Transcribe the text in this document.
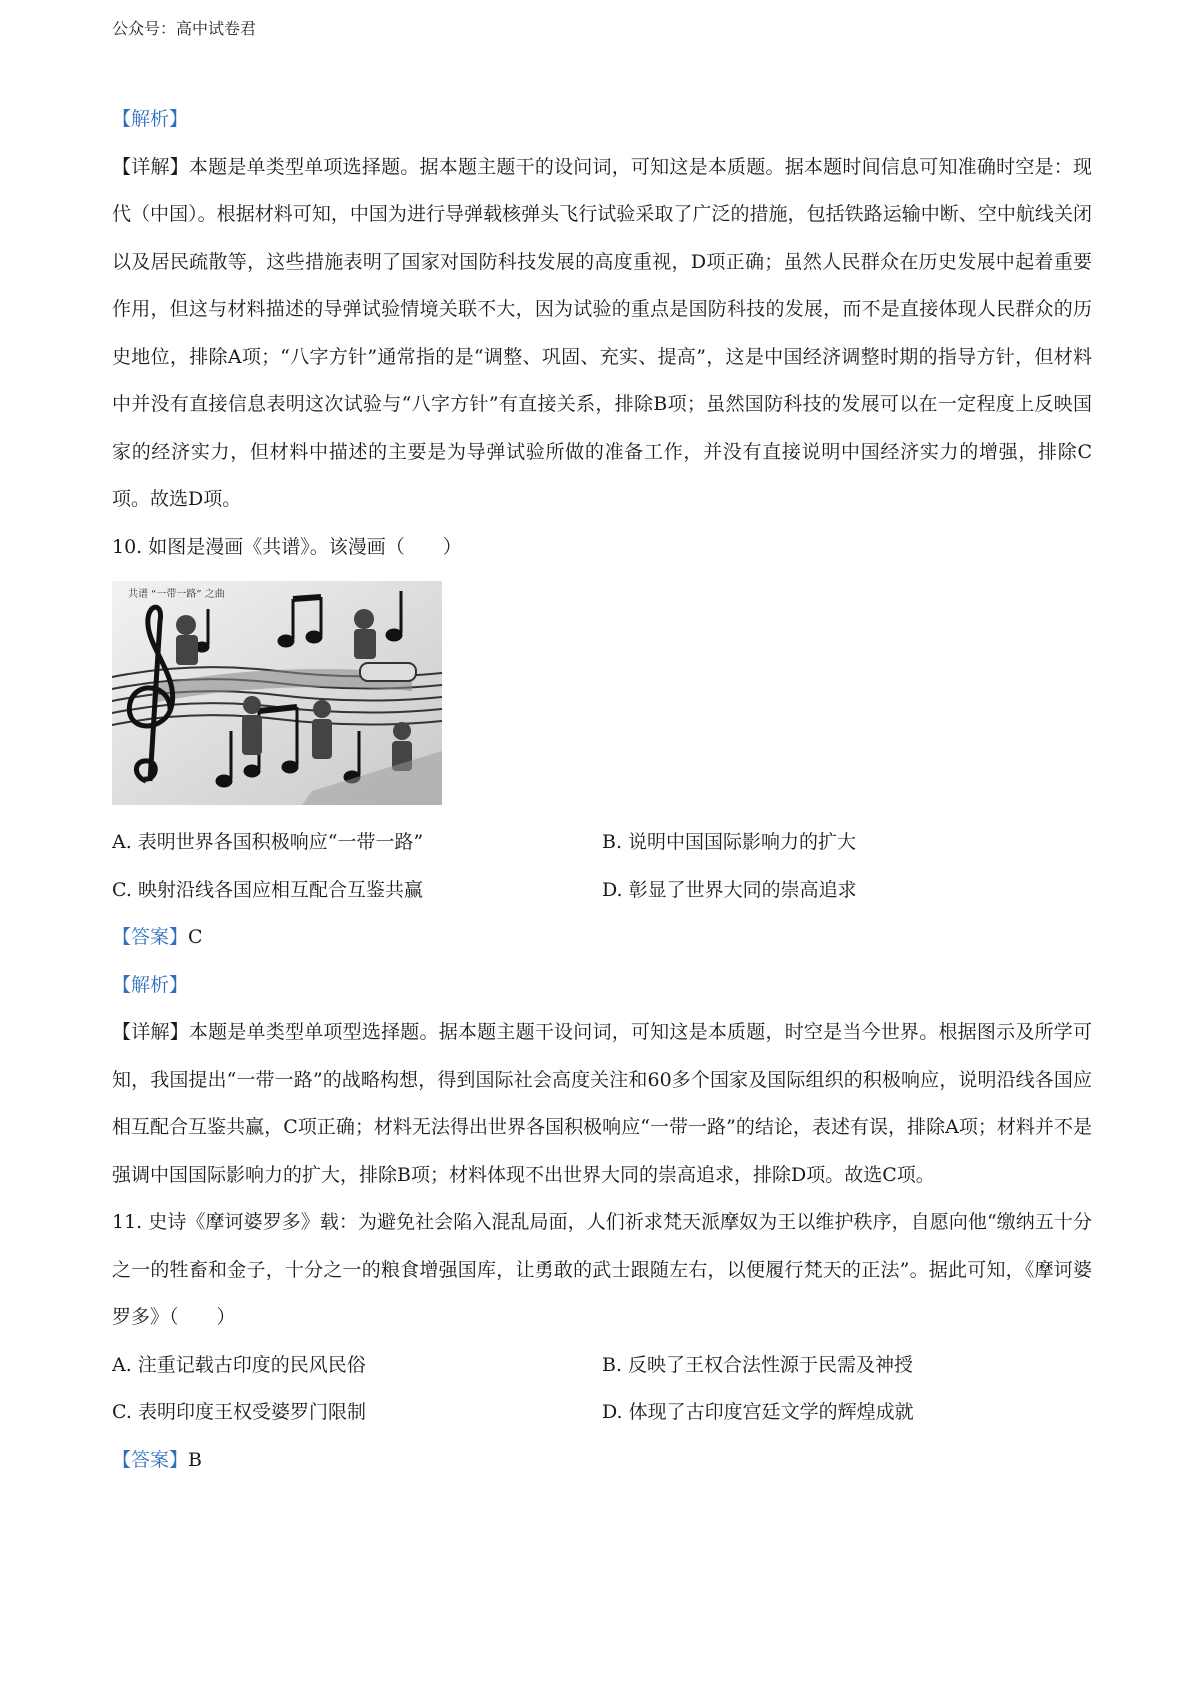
公众号：高中试卷君

【解析】

【详解】本题是单类型单项选择题。据本题主题干的设问词，可知这是本质题。据本题时间信息可知准确时空是：现代（中国）。根据材料可知，中国为进行导弹载核弹头飞行试验采取了广泛的措施，包括铁路运输中断、空中航线关闭以及居民疏散等，这些措施表明了国家对国防科技发展的高度重视，D项正确；虽然人民群众在历史发展中起着重要作用，但这与材料描述的导弹试验情境关联不大，因为试验的重点是国防科技的发展，而不是直接体现人民群众的历史地位，排除A项；“八字方针”通常指的是“调整、巩固、充实、提高”，这是中国经济调整时期的指导方针，但材料中并没有直接信息表明这次试验与“八字方针”有直接关系，排除B项；虽然国防科技的发展可以在一定程度上反映国家的经济实力，但材料中描述的主要是为导弹试验所做的准备工作，并没有直接说明中国经济实力的增强，排除C项。故选D项。

10. 如图是漫画《共谱》。该漫画（　　）

共谱 “一带一路” 之曲

A. 表明世界各国积极响应“一带一路”	B. 说明中国国际影响力的扩大

C. 映射沿线各国应相互配合互鉴共赢	D. 彰显了世界大同的崇高追求

【答案】C

【解析】

【详解】本题是单类型单项型选择题。据本题主题干设问词，可知这是本质题，时空是当今世界。根据图示及所学可知，我国提出“一带一路”的战略构想，得到国际社会高度关注和60多个国家及国际组织的积极响应，说明沿线各国应相互配合互鉴共赢，C项正确；材料无法得出世界各国积极响应“一带一路”的结论，表述有误，排除A项；材料并不是强调中国国际影响力的扩大，排除B项；材料体现不出世界大同的崇高追求，排除D项。故选C项。

11. 史诗《摩诃婆罗多》载：为避免社会陷入混乱局面，人们祈求梵天派摩奴为王以维护秩序，自愿向他“缴纳五十分之一的牲畜和金子，十分之一的粮食增强国库，让勇敢的武士跟随左右，以便履行梵天的正法”。据此可知，《摩诃婆罗多》（　　）

A. 注重记载古印度的民风民俗	B. 反映了王权合法性源于民需及神授

C. 表明印度王权受婆罗门限制	D. 体现了古印度宫廷文学的辉煌成就

【答案】B
